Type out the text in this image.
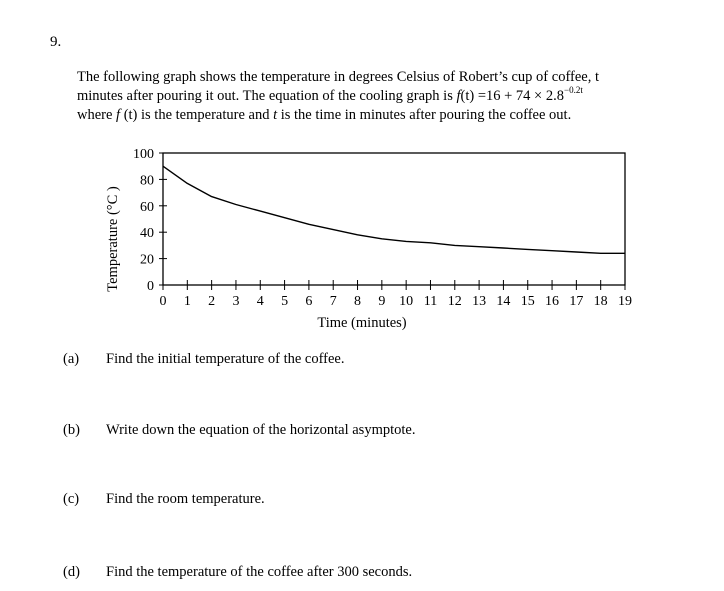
9.
The following graph shows the temperature in degrees Celsius of Robert’s cup of coffee, t
minutes after pouring it out. The equation of the cooling graph is $f(t) =16 + 74 \times 2.8^{-0.2t}$
where f (t) is the temperature and t is the time in minutes after pouring the coffee out.
0
20
40
60
80
100
0 1 2 3 4 5 6 7 8 9 10 11 12 13 14 15 16 17 18 19
Time (minutes)
Temperature (°C )
(a) Find the initial temperature of the coffee.
(b) Write down the equation of the horizontal asymptote.
(c) Find the room temperature.
(d) Find the temperature of the coffee after 300 seconds.
